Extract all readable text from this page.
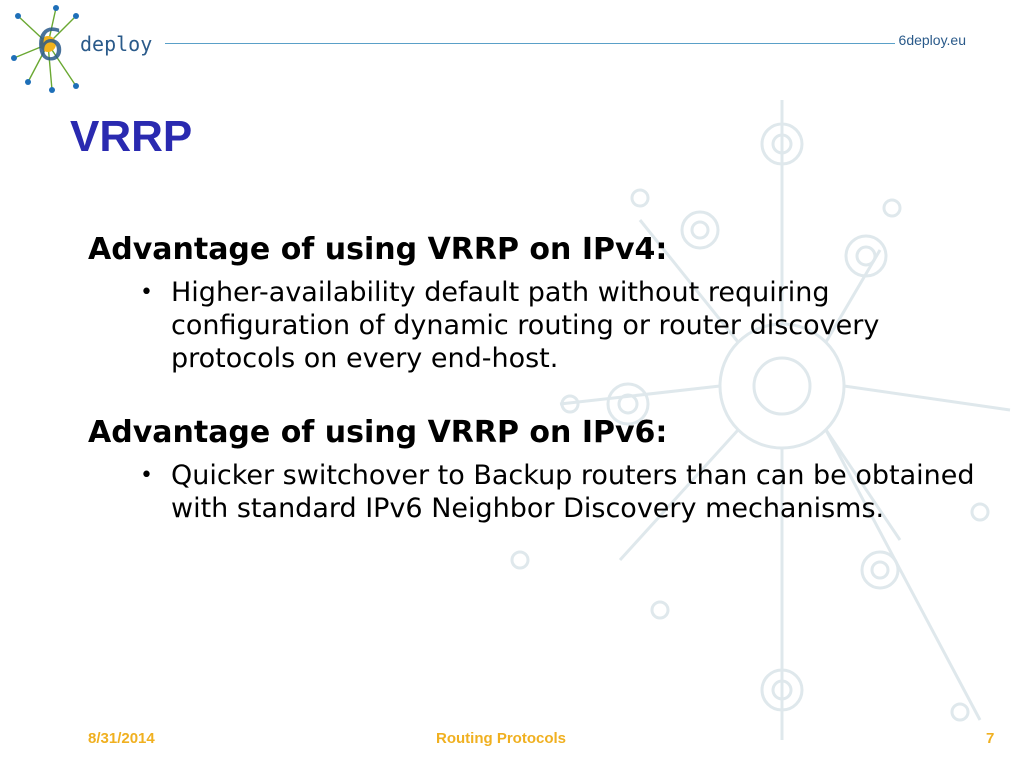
6 deploy	6deploy.eu
VRRP

Advantage of using VRRP on IPv4:

• Higher-availability default path without requiring configuration of dynamic routing or router discovery protocols on every end-host.

Advantage of using VRRP on IPv6:

• Quicker switchover to Backup routers than can be obtained with standard IPv6 Neighbor Discovery mechanisms.
8/31/2014	Routing Protocols	7
